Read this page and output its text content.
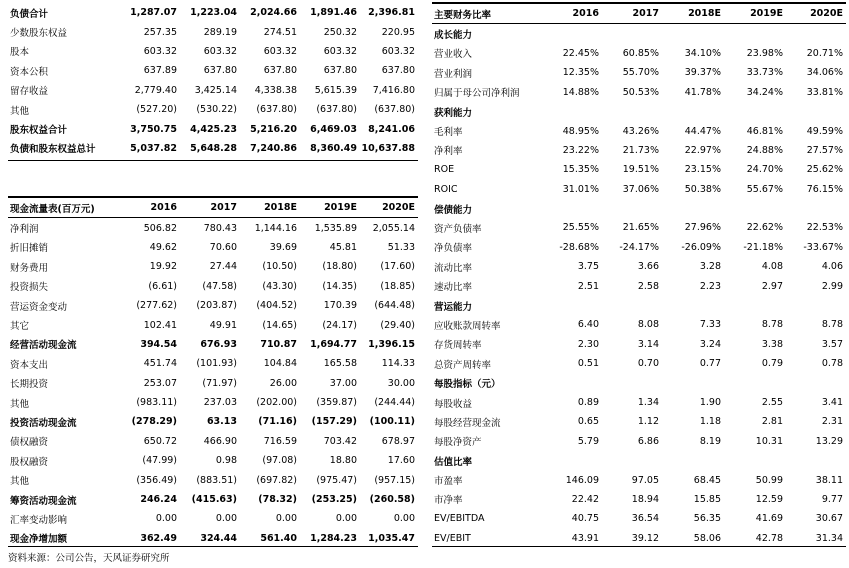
负债合计	1,287.07	1,223.04	2,024.66	1,891.46	2,396.81
少数股东权益	257.35	289.19	274.51	250.32	220.95
股本	603.32	603.32	603.32	603.32	603.32
资本公积	637.89	637.80	637.80	637.80	637.80
留存收益	2,779.40	3,425.14	4,338.38	5,615.39	7,416.80
其他	(527.20)	(530.22)	(637.80)	(637.80)	(637.80)
股东权益合计	3,750.75	4,425.23	5,216.20	6,469.03	8,241.06
负债和股东权益总计	5,037.82	5,648.28	7,240.86	8,360.49	10,637.88
现金流量表(百万元)	2016	2017	2018E	2019E	2020E
净利润	506.82	780.43	1,144.16	1,535.89	2,055.14
折旧摊销	49.62	70.60	39.69	45.81	51.33
财务费用	19.92	27.44	(10.50)	(18.80)	(17.60)
投资损失	(6.61)	(47.58)	(43.30)	(14.35)	(18.85)
营运资金变动	(277.62)	(203.87)	(404.52)	170.39	(644.48)
其它	102.41	49.91	(14.65)	(24.17)	(29.40)
经营活动现金流	394.54	676.93	710.87	1,694.77	1,396.15
资本支出	451.74	(101.93)	104.84	165.58	114.33
长期投资	253.07	(71.97)	26.00	37.00	30.00
其他	(983.11)	237.03	(202.00)	(359.87)	(244.44)
投资活动现金流	(278.29)	63.13	(71.16)	(157.29)	(100.11)
债权融资	650.72	466.90	716.59	703.42	678.97
股权融资	(47.99)	0.98	(97.08)	18.80	17.60
其他	(356.49)	(883.51)	(697.82)	(975.47)	(957.15)
筹资活动现金流	246.24	(415.63)	(78.32)	(253.25)	(260.58)
汇率变动影响	0.00	0.00	0.00	0.00	0.00
现金净增加额	362.49	324.44	561.40	1,284.23	1,035.47
主要财务比率	2016	2017	2018E	2019E	2020E
成长能力					
营业收入	22.45%	60.85%	34.10%	23.98%	20.71%
营业利润	12.35%	55.70%	39.37%	33.73%	34.06%
归属于母公司净利润	14.88%	50.53%	41.78%	34.24%	33.81%
获利能力					
毛利率	48.95%	43.26%	44.47%	46.81%	49.59%
净利率	23.22%	21.73%	22.97%	24.88%	27.57%
ROE	15.35%	19.51%	23.15%	24.70%	25.62%
ROIC	31.01%	37.06%	50.38%	55.67%	76.15%
偿债能力					
资产负债率	25.55%	21.65%	27.96%	22.62%	22.53%
净负债率	-28.68%	-24.17%	-26.09%	-21.18%	-33.67%
流动比率	3.75	3.66	3.28	4.08	4.06
速动比率	2.51	2.58	2.23	2.97	2.99
营运能力					
应收账款周转率	6.40	8.08	7.33	8.78	8.78
存货周转率	2.30	3.14	3.24	3.38	3.57
总资产周转率	0.51	0.70	0.77	0.79	0.78
每股指标（元）					
每股收益	0.89	1.34	1.90	2.55	3.41
每股经营现金流	0.65	1.12	1.18	2.81	2.31
每股净资产	5.79	6.86	8.19	10.31	13.29
估值比率					
市盈率	146.09	97.05	68.45	50.99	38.11
市净率	22.42	18.94	15.85	12.59	9.77
EV/EBITDA	40.75	36.54	56.35	41.69	30.67
EV/EBIT	43.91	39.12	58.06	42.78	31.34
资料来源：公司公告，天风证券研究所
